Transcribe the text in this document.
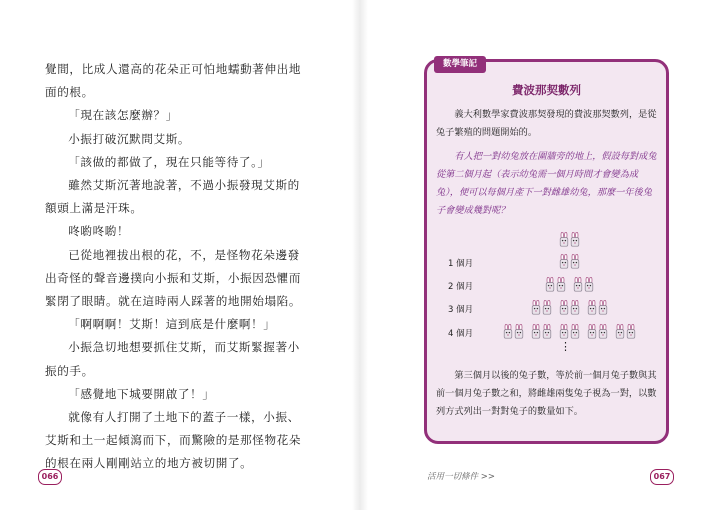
覺間，比成人還高的花朵正可怕地蠕動著伸出地面的根。

「現在該怎麼辦？」

小振打破沉默問艾斯。

「該做的都做了，現在只能等待了。」

雖然艾斯沉著地說著，不過小振發現艾斯的額頭上滿是汗珠。

咚喲咚喲！

已從地裡拔出根的花，不，是怪物花朵邊發出奇怪的聲音邊撲向小振和艾斯，小振因恐懼而緊閉了眼睛。就在這時兩人踩著的地開始塌陷。

「啊啊啊！艾斯！這到底是什麼啊！」

小振急切地想要抓住艾斯，而艾斯緊握著小振的手。

「感覺地下城要開啟了！」

就像有人打開了土地下的蓋子一樣，小振、艾斯和土一起傾瀉而下，而驚險的是那怪物花朵的根在兩人剛剛站立的地方被切開了。

066
數學筆記
費波那契數列

義大利數學家費波那契發現的費波那契數列，是從兔子繁殖的問題開始的。

有人把一對幼兔放在圍牆旁的地上，假設每對成兔從第二個月起（表示幼兔需一個月時間才會變為成兔），便可以每個月產下一對雌雄幼兔，那麼一年後兔子會變成幾對呢？

⋮
1 個月
2 個月
3 個月
4 個月

第三個月以後的兔子數，等於前一個月兔子數與其前一個月兔子數之和，將雌雄兩隻兔子視為一對，以數列方式列出一對對兔子的數量如下。

活用一切條件 >>	067
